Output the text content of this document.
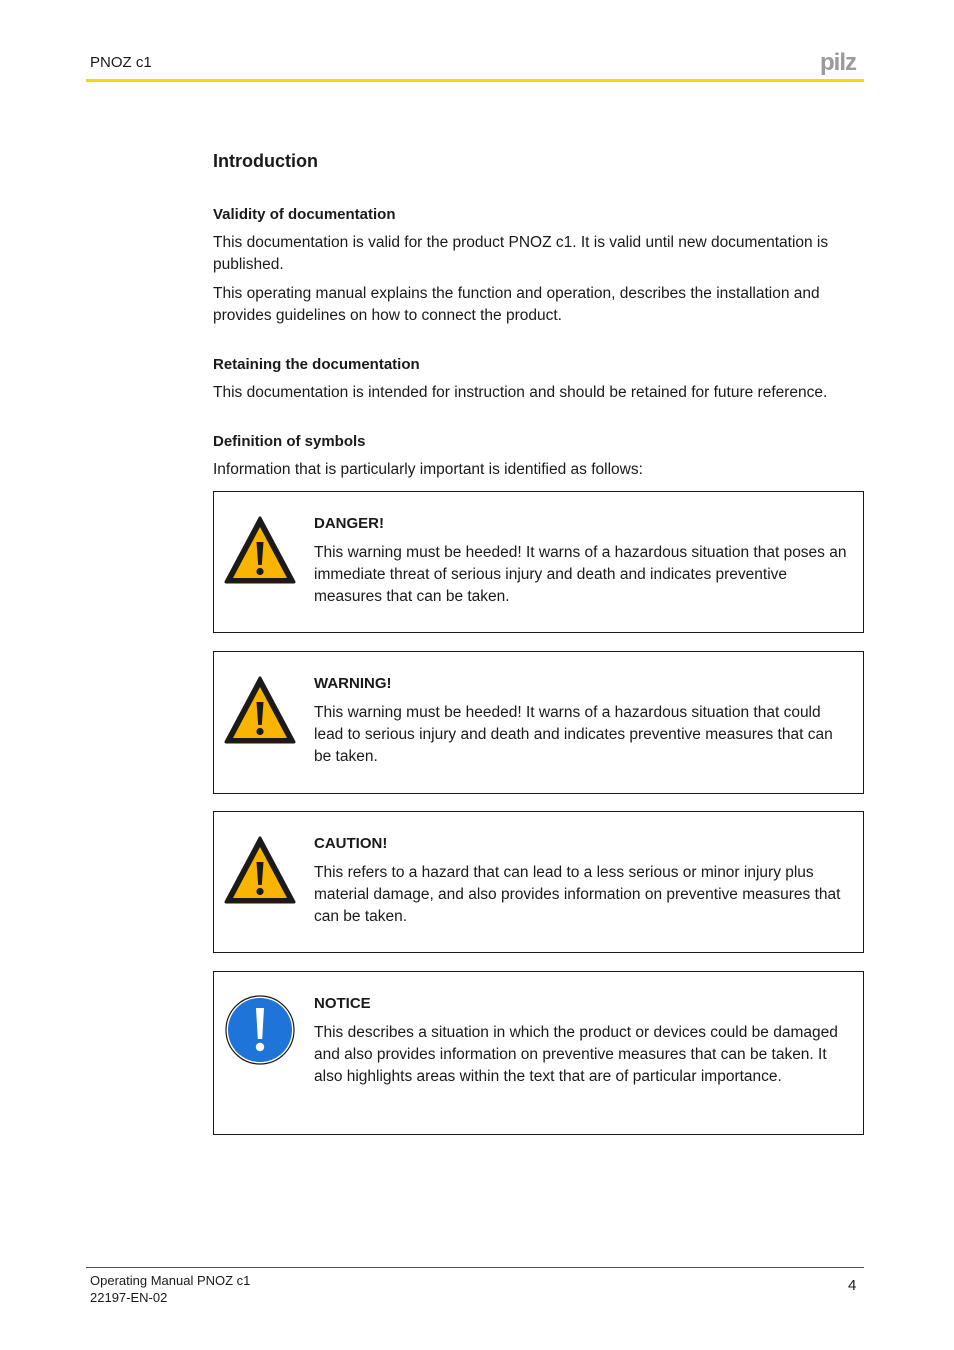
PNOZ c1	pilz
Introduction
Validity of documentation

This documentation is valid for the product PNOZ c1. It is valid until new documentation is published.

This operating manual explains the function and operation, describes the installation and provides guidelines on how to connect the product.

Retaining the documentation

This documentation is intended for instruction and should be retained for future reference.

Definition of symbols

Information that is particularly important is identified as follows:

DANGER!

This warning must be heeded! It warns of a hazardous situation that poses an immediate threat of serious injury and death and indicates preventive measures that can be taken.

WARNING!

This warning must be heeded! It warns of a hazardous situation that could lead to serious injury and death and indicates preventive measures that can be taken.

CAUTION!

This refers to a hazard that can lead to a less serious or minor injury plus material damage, and also provides information on preventive measures that can be taken.

NOTICE

This describes a situation in which the product or devices could be damaged and also provides information on preventive measures that can be taken. It also highlights areas within the text that are of particular importance.

Operating Manual PNOZ c1
22197-EN-02
4
